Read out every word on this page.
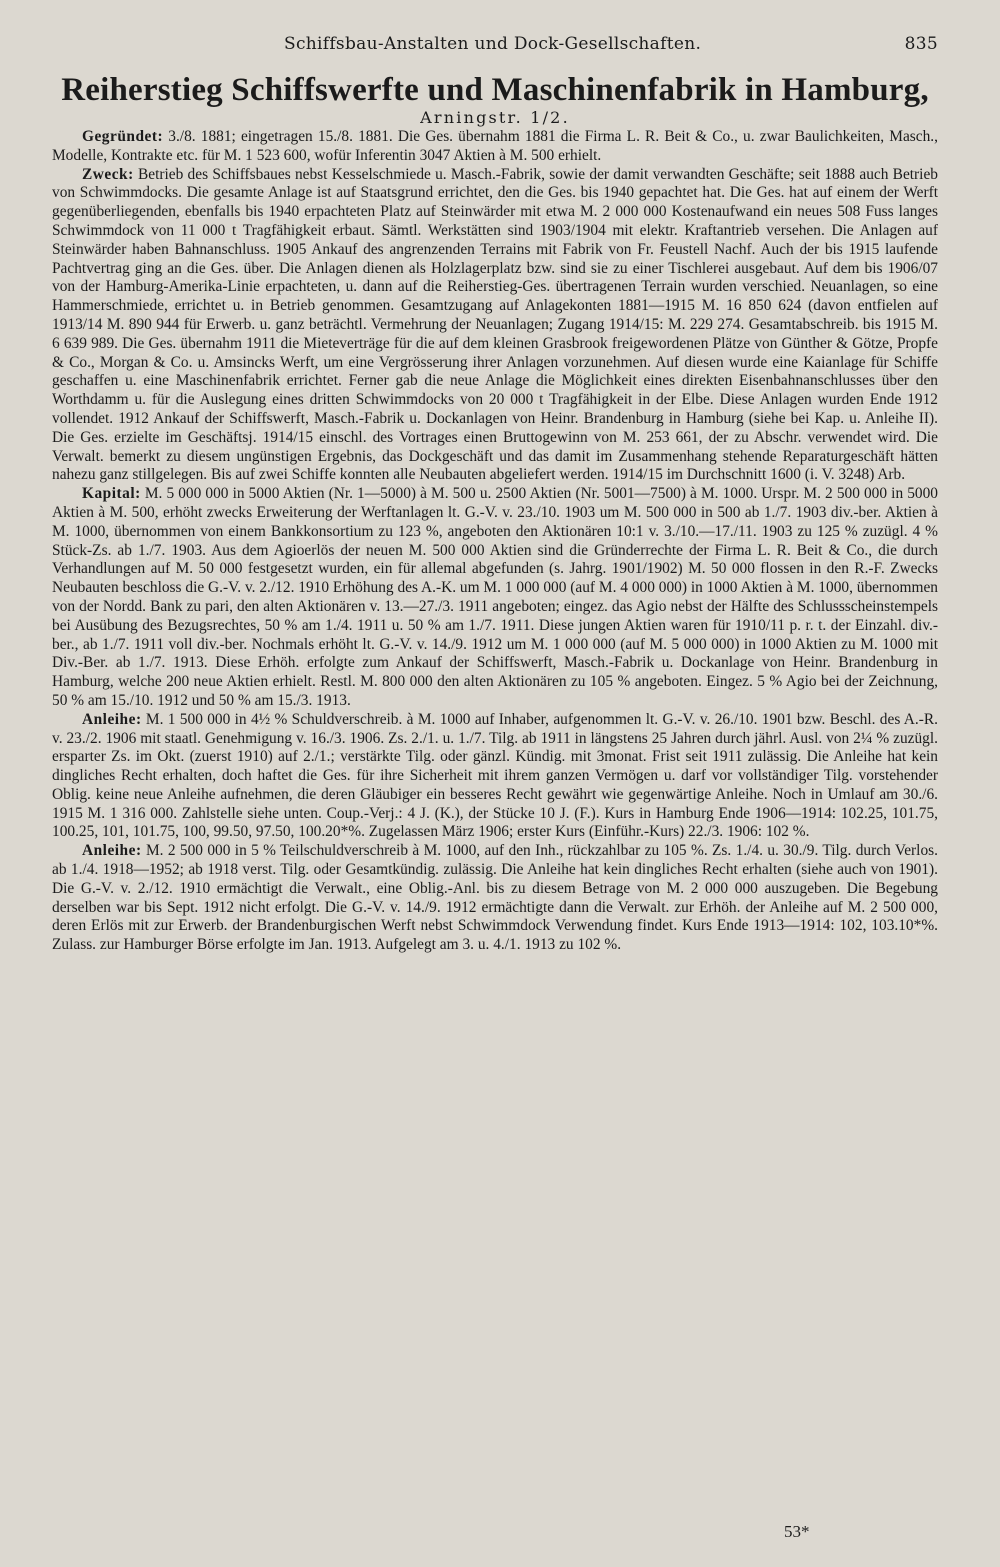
Schiffsbau-Anstalten und Dock-Gesellschaften.	835
Reiherstieg Schiffswerfte und Maschinenfabrik in Hamburg,
Arningstr. 1/2.

Gegründet: 3./8. 1881; eingetragen 15./8. 1881. Die Ges. übernahm 1881 die Firma L. R. Beit & Co., u. zwar Baulichkeiten, Masch., Modelle, Kontrakte etc. für M. 1 523 600, wofür Inferentin 3047 Aktien à M. 500 erhielt.

Zweck: Betrieb des Schiffsbaues nebst Kesselschmiede u. Masch.-Fabrik, sowie der damit verwandten Geschäfte; seit 1888 auch Betrieb von Schwimmdocks. Die gesamte Anlage ist auf Staatsgrund errichtet, den die Ges. bis 1940 gepachtet hat. Die Ges. hat auf einem der Werft gegenüberliegenden, ebenfalls bis 1940 erpachteten Platz auf Steinwärder mit etwa M. 2 000 000 Kostenaufwand ein neues 508 Fuss langes Schwimmdock von 11 000 t Tragfähigkeit erbaut. Sämtl. Werkstätten sind 1903/1904 mit elektr. Kraftantrieb versehen. Die Anlagen auf Steinwärder haben Bahnanschluss. 1905 Ankauf des angrenzenden Terrains mit Fabrik von Fr. Feustell Nachf. Auch der bis 1915 laufende Pachtvertrag ging an die Ges. über. Die Anlagen dienen als Holzlagerplatz bzw. sind sie zu einer Tischlerei ausgebaut. Auf dem bis 1906/07 von der Hamburg-Amerika-Linie erpachteten, u. dann auf die Reiherstieg-Ges. übertragenen Terrain wurden verschied. Neuanlagen, so eine Hammerschmiede, errichtet u. in Betrieb genommen. Gesamtzugang auf Anlagekonten 1881—1915 M. 16 850 624 (davon entfielen auf 1913/14 M. 890 944 für Erwerb. u. ganz beträchtl. Vermehrung der Neuanlagen; Zugang 1914/15: M. 229 274. Gesamtabschreib. bis 1915 M. 6 639 989. Die Ges. übernahm 1911 die Mieteverträge für die auf dem kleinen Grasbrook freigewordenen Plätze von Günther & Götze, Propfe & Co., Morgan & Co. u. Amsincks Werft, um eine Vergrösserung ihrer Anlagen vorzunehmen. Auf diesen wurde eine Kaianlage für Schiffe geschaffen u. eine Maschinenfabrik errichtet. Ferner gab die neue Anlage die Möglichkeit eines direkten Eisenbahnanschlusses über den Worthdamm u. für die Auslegung eines dritten Schwimmdocks von 20 000 t Tragfähigkeit in der Elbe. Diese Anlagen wurden Ende 1912 vollendet. 1912 Ankauf der Schiffswerft, Masch.-Fabrik u. Dockanlagen von Heinr. Brandenburg in Hamburg (siehe bei Kap. u. Anleihe II). Die Ges. erzielte im Geschäftsj. 1914/15 einschl. des Vortrages einen Bruttogewinn von M. 253 661, der zu Abschr. verwendet wird. Die Verwalt. bemerkt zu diesem ungünstigen Ergebnis, das Dockgeschäft und das damit im Zusammenhang stehende Reparaturgeschäft hätten nahezu ganz stillgelegen. Bis auf zwei Schiffe konnten alle Neubauten abgeliefert werden. 1914/15 im Durchschnitt 1600 (i. V. 3248) Arb.

Kapital: M. 5 000 000 in 5000 Aktien (Nr. 1—5000) à M. 500 u. 2500 Aktien (Nr. 5001—7500) à M. 1000. Urspr. M. 2 500 000 in 5000 Aktien à M. 500, erhöht zwecks Erweiterung der Werftanlagen lt. G.-V. v. 23./10. 1903 um M. 500 000 in 500 ab 1./7. 1903 div.-ber. Aktien à M. 1000, übernommen von einem Bankkonsortium zu 123 %, angeboten den Aktionären 10:1 v. 3./10.—17./11. 1903 zu 125 % zuzügl. 4 % Stück-Zs. ab 1./7. 1903. Aus dem Agioerlös der neuen M. 500 000 Aktien sind die Gründerrechte der Firma L. R. Beit & Co., die durch Verhandlungen auf M. 50 000 festgesetzt wurden, ein für allemal abgefunden (s. Jahrg. 1901/1902) M. 50 000 flossen in den R.-F. Zwecks Neubauten beschloss die G.-V. v. 2./12. 1910 Erhöhung des A.-K. um M. 1 000 000 (auf M. 4 000 000) in 1000 Aktien à M. 1000, übernommen von der Nordd. Bank zu pari, den alten Aktionären v. 13.—27./3. 1911 angeboten; eingez. das Agio nebst der Hälfte des Schlussscheinstempels bei Ausübung des Bezugsrechtes, 50 % am 1./4. 1911 u. 50 % am 1./7. 1911. Diese jungen Aktien waren für 1910/11 p. r. t. der Einzahl. div.-ber., ab 1./7. 1911 voll div.-ber. Nochmals erhöht lt. G.-V. v. 14./9. 1912 um M. 1 000 000 (auf M. 5 000 000) in 1000 Aktien zu M. 1000 mit Div.-Ber. ab 1./7. 1913. Diese Erhöh. erfolgte zum Ankauf der Schiffswerft, Masch.-Fabrik u. Dockanlage von Heinr. Brandenburg in Hamburg, welche 200 neue Aktien erhielt. Restl. M. 800 000 den alten Aktionären zu 105 % angeboten. Eingez. 5 % Agio bei der Zeichnung, 50 % am 15./10. 1912 und 50 % am 15./3. 1913.

Anleihe: M. 1 500 000 in 4½ % Schuldverschreib. à M. 1000 auf Inhaber, aufgenommen lt. G.-V. v. 26./10. 1901 bzw. Beschl. des A.-R. v. 23./2. 1906 mit staatl. Genehmigung v. 16./3. 1906. Zs. 2./1. u. 1./7. Tilg. ab 1911 in längstens 25 Jahren durch jährl. Ausl. von 2¼ % zuzügl. ersparter Zs. im Okt. (zuerst 1910) auf 2./1.; verstärkte Tilg. oder gänzl. Kündig. mit 3monat. Frist seit 1911 zulässig. Die Anleihe hat kein dingliches Recht erhalten, doch haftet die Ges. für ihre Sicherheit mit ihrem ganzen Vermögen u. darf vor vollständiger Tilg. vorstehender Oblig. keine neue Anleihe aufnehmen, die deren Gläubiger ein besseres Recht gewährt wie gegenwärtige Anleihe. Noch in Umlauf am 30./6. 1915 M. 1 316 000. Zahlstelle siehe unten. Coup.-Verj.: 4 J. (K.), der Stücke 10 J. (F.). Kurs in Hamburg Ende 1906—1914: 102.25, 101.75, 100.25, 101, 101.75, 100, 99.50, 97.50, 100.20*%. Zugelassen März 1906; erster Kurs (Einführ.-Kurs) 22./3. 1906: 102 %.

Anleihe: M. 2 500 000 in 5 % Teilschuldverschreib à M. 1000, auf den Inh., rückzahlbar zu 105 %. Zs. 1./4. u. 30./9. Tilg. durch Verlos. ab 1./4. 1918—1952; ab 1918 verst. Tilg. oder Gesamtkündig. zulässig. Die Anleihe hat kein dingliches Recht erhalten (siehe auch von 1901). Die G.-V. v. 2./12. 1910 ermächtigt die Verwalt., eine Oblig.-Anl. bis zu diesem Betrage von M. 2 000 000 auszugeben. Die Begebung derselben war bis Sept. 1912 nicht erfolgt. Die G.-V. v. 14./9. 1912 ermächtigte dann die Verwalt. zur Erhöh. der Anleihe auf M. 2 500 000, deren Erlös mit zur Erwerb. der Brandenburgischen Werft nebst Schwimmdock Verwendung findet. Kurs Ende 1913—1914: 102, 103.10*%. Zulass. zur Hamburger Börse erfolgte im Jan. 1913. Aufgelegt am 3. u. 4./1. 1913 zu 102 %.

53*
